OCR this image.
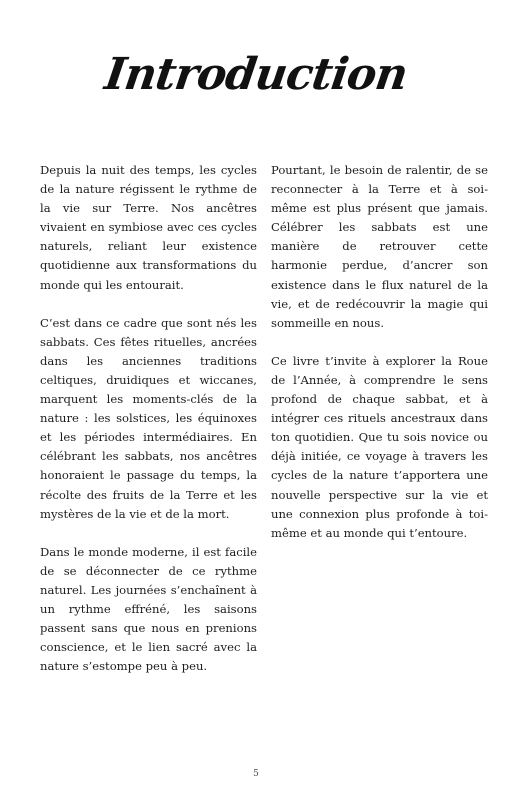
Introduction

Depuis la nuit des temps, les cycles de la nature régissent le rythme de la vie sur Terre. Nos ancêtres vivaient en symbiose avec ces cycles naturels, reliant leur existence quotidienne aux transformations du monde qui les entourait.

C’est dans ce cadre que sont nés les sabbats. Ces fêtes rituelles, ancrées dans les anciennes traditions celtiques, druidiques et wiccanes, marquent les moments-clés de la nature : les solstices, les équinoxes et les périodes intermédiaires. En célébrant les sabbats, nos ancêtres honoraient le passage du temps, la récolte des fruits de la Terre et les mystères de la vie et de la mort.

Dans le monde moderne, il est facile de se déconnecter de ce rythme naturel. Les journées s’enchaînent à un rythme effréné, les saisons passent sans que nous en prenions conscience, et le lien sacré avec la nature s’estompe peu à peu.

Pourtant, le besoin de ralentir, de se reconnecter à la Terre et à soi-même est plus présent que jamais. Célébrer les sabbats est une manière de retrouver cette harmonie perdue, d’ancrer son existence dans le flux naturel de la vie, et de redécouvrir la magie qui sommeille en nous.

Ce livre t’invite à explorer la Roue de l’Année, à comprendre le sens profond de chaque sabbat, et à intégrer ces rituels ancestraux dans ton quotidien. Que tu sois novice ou déjà initiée, ce voyage à travers les cycles de la nature t’apportera une nouvelle perspective sur la vie et une connexion plus profonde à toi-même et au monde qui t’entoure.

5
